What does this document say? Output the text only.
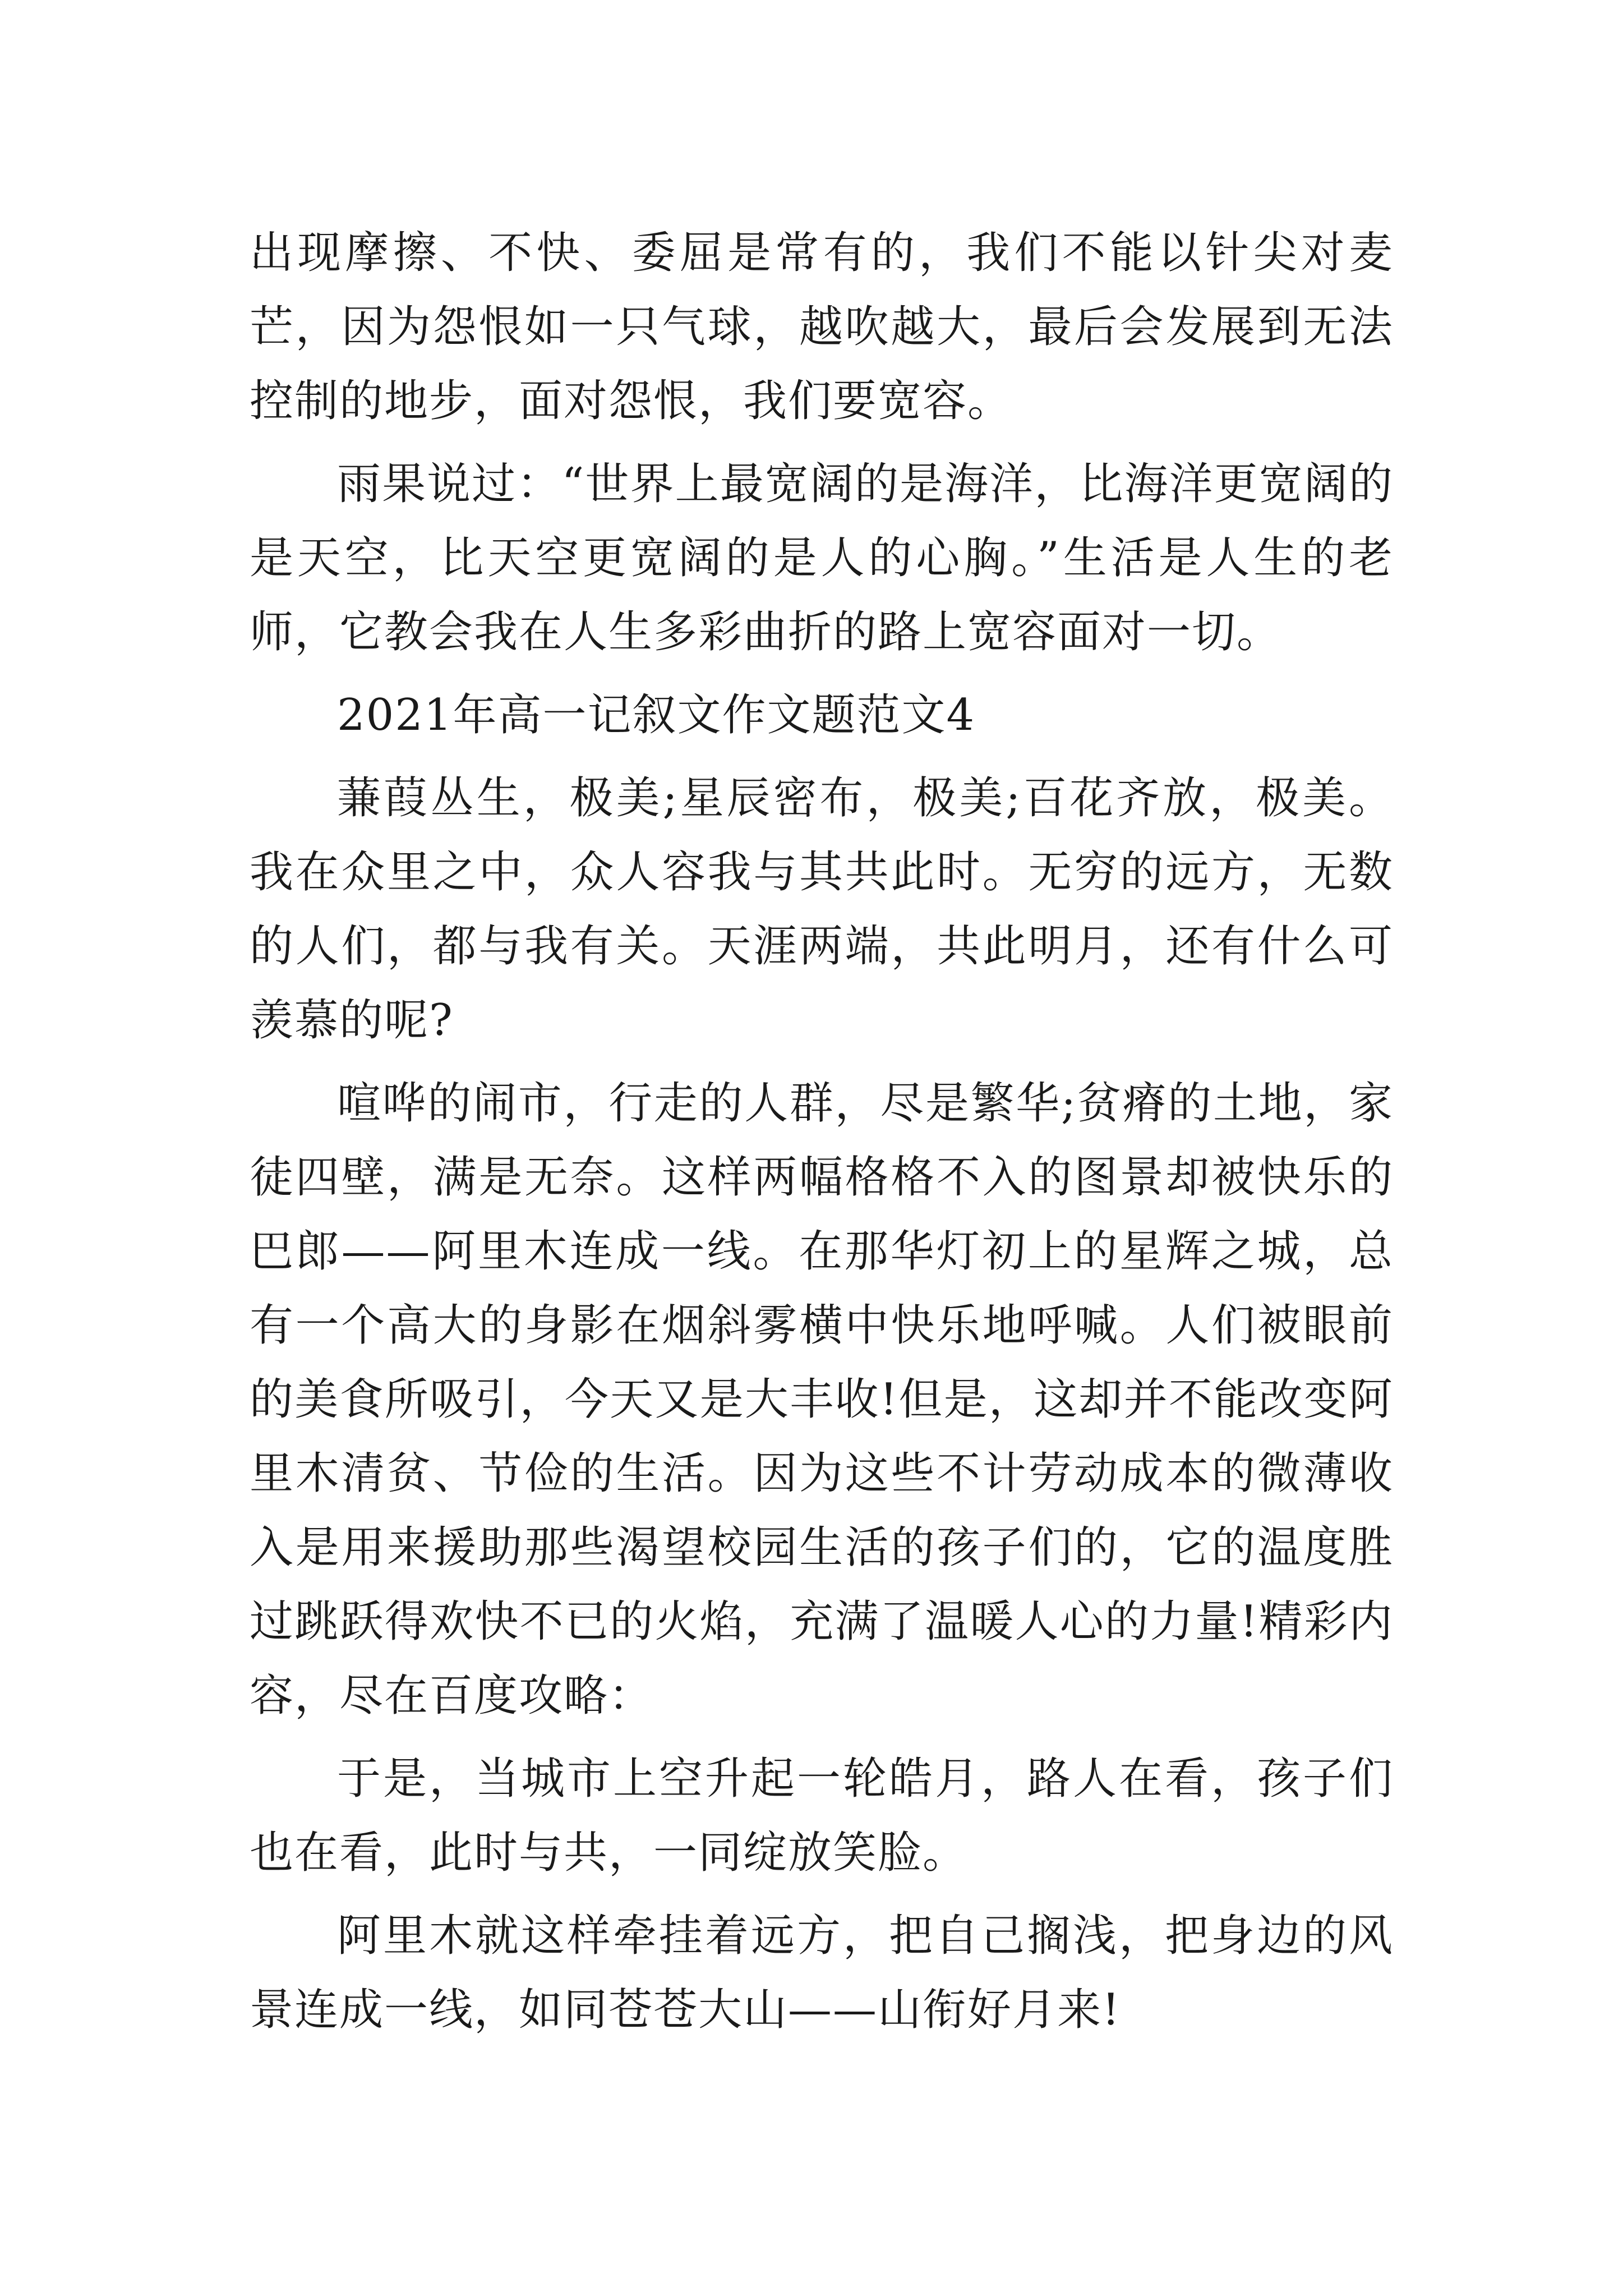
出现摩擦、不快、委屈是常有的，我们不能以针尖对麦芒，因为怨恨如一只气球，越吹越大，最后会发展到无法控制的地步，面对怨恨，我们要宽容。

雨果说过：“世界上最宽阔的是海洋，比海洋更宽阔的是天空，比天空更宽阔的是人的心胸。”生活是人生的老师，它教会我在人生多彩曲折的路上宽容面对一切。

2021年高一记叙文作文题范文4

蒹葭丛生，极美;星辰密布，极美;百花齐放，极美。我在众里之中，众人容我与其共此时。无穷的远方，无数的人们，都与我有关。天涯两端，共此明月，还有什么可羡慕的呢?

喧哗的闹市，行走的人群，尽是繁华;贫瘠的土地，家徒四壁，满是无奈。这样两幅格格不入的图景却被快乐的巴郎——阿里木连成一线。在那华灯初上的星辉之城，总有一个高大的身影在烟斜雾横中快乐地呼喊。人们被眼前的美食所吸引，今天又是大丰收!但是，这却并不能改变阿里木清贫、节俭的生活。因为这些不计劳动成本的微薄收入是用来援助那些渴望校园生活的孩子们的，它的温度胜过跳跃得欢快不已的火焰，充满了温暖人心的力量!精彩内容，尽在百度攻略：

于是，当城市上空升起一轮皓月，路人在看，孩子们也在看，此时与共，一同绽放笑脸。

阿里木就这样牵挂着远方，把自己搁浅，把身边的风景连成一线，如同苍苍大山——山衔好月来!
